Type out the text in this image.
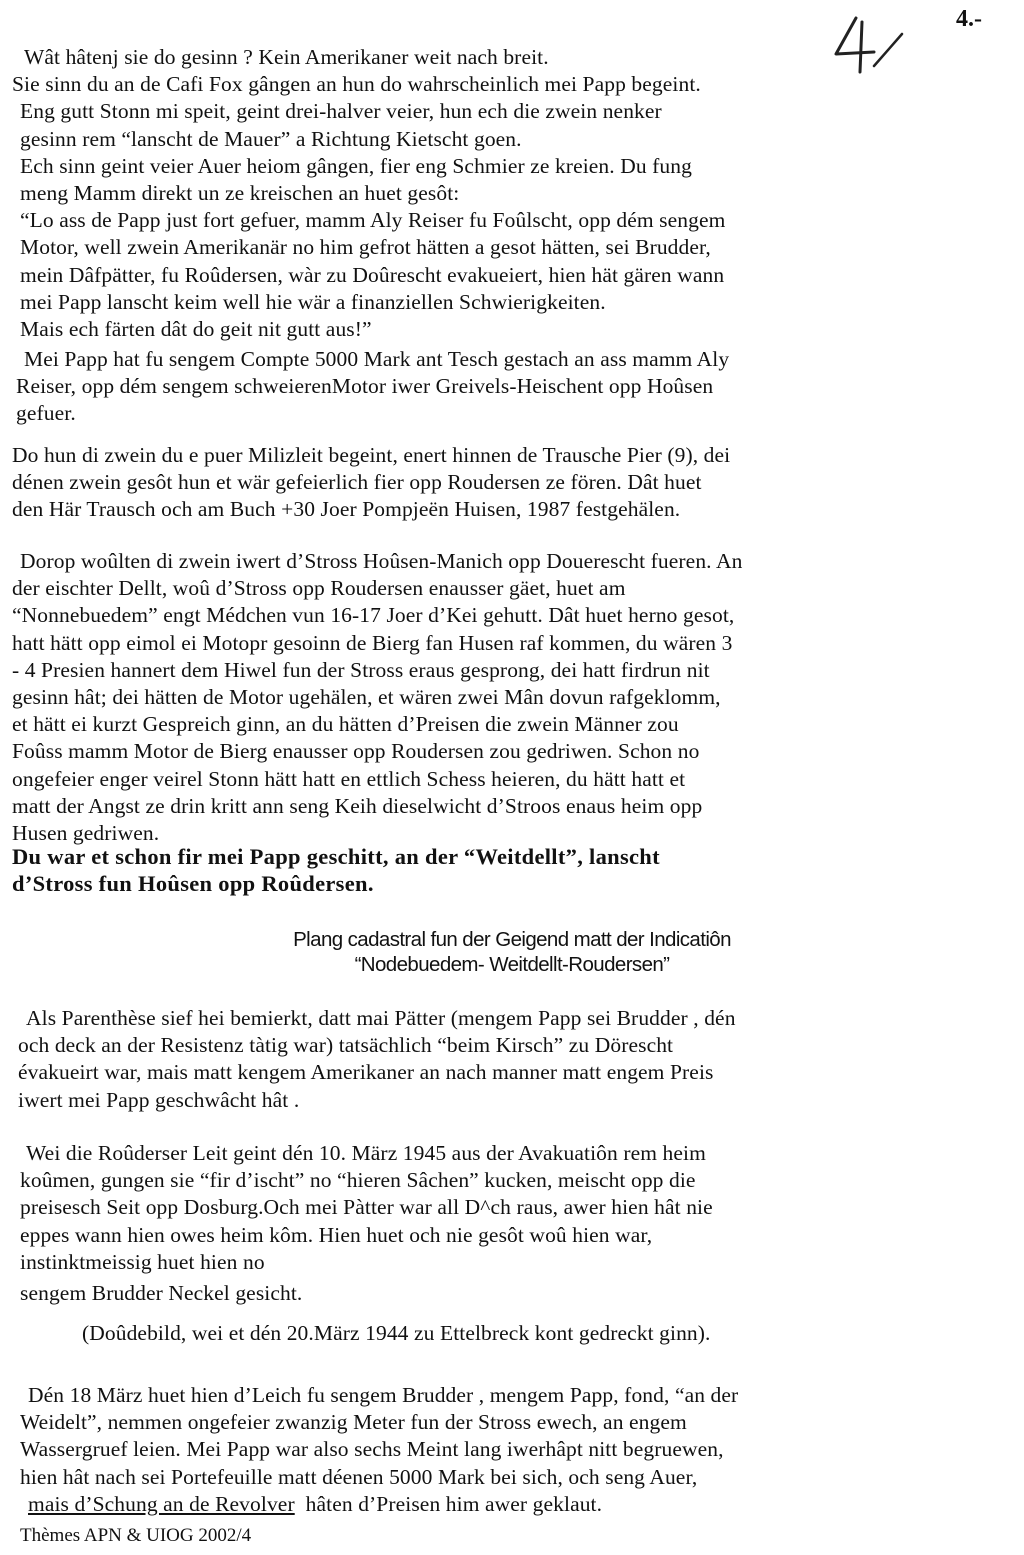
4.-

Wât hâtenj sie do gesinn ? Kein Amerikaner weit nach breit.

Sie sinn du an de Cafi Fox gângen an hun do wahrscheinlich mei Papp begeint.

Eng gutt Stonn mi speit, geint drei-halver veier, hun ech die zwein nenker

gesinn rem “lanscht de Mauer” a Richtung Kietscht goen.

Ech sinn geint veier Auer heiom gângen, fier eng Schmier ze kreien. Du fung

meng Mamm direkt un ze kreischen an huet gesôt:

“Lo ass de Papp just fort gefuer, mamm Aly Reiser fu Foûlscht, opp dém sengem

Motor, well zwein Amerikanär no him gefrot hätten a gesot hätten, sei Brudder,

mein Dâfpätter, fu Roûdersen, wàr zu Doûrescht evakueiert, hien hät gären wann

mei Papp lanscht keim well hie wär a finanziellen Schwierigkeiten.

Mais ech färten dât do geit nit gutt aus!”

Mei Papp hat fu sengem Compte 5000 Mark ant Tesch gestach an ass mamm Aly

Reiser, opp dém sengem schweierenMotor iwer Greivels-Heischent opp Hoûsen

gefuer.

Do hun di zwein du e puer Milizleit begeint, enert hinnen de Trausche Pier (9), dei

dénen zwein gesôt hun et wär gefeierlich fier opp Roudersen ze fören. Dât huet

den Här Trausch och am Buch +30 Joer Pompjeën Huisen, 1987 festgehälen.

Dorop woûlten di zwein iwert d’Stross Hoûsen-Manich opp Douerescht fueren. An

der eischter Dellt, woû d’Stross opp Roudersen enausser gäet, huet am

“Nonnebuedem” engt Médchen vun 16-17 Joer d’Kei gehutt. Dât huet herno gesot,

hatt hätt opp eimol ei Motopr gesoinn de Bierg fan Husen raf kommen, du wären 3

- 4 Presien hannert dem Hiwel fun der Stross eraus gesprong, dei hatt firdrun nit

gesinn hât; dei hätten de Motor ugehälen, et wären zwei Mân dovun rafgeklomm,

et hätt ei kurzt Gespreich ginn, an du hätten d’Preisen die zwein Männer zou

Foûss mamm Motor de Bierg enausser opp Roudersen zou gedriwen. Schon no

ongefeier enger veirel Stonn hätt hatt en ettlich Schess heieren, du hätt hatt et

matt der Angst ze drin kritt ann seng Keih dieselwicht d’Stroos enaus heim opp

Husen gedriwen.

Du war et schon fir mei Papp geschitt, an der “Weitdellt”, lanscht

d’Stross fun Hoûsen opp Roûdersen.

Plang cadastral fun der Geigend matt der Indicatiôn

“Nodebuedem- Weitdellt-Roudersen”

Als Parenthèse sief hei bemierkt, datt mai Pätter (mengem Papp sei Brudder , dén

och deck an der Resistenz tàtig war) tatsächlich “beim Kirsch” zu Dörescht

évakueirt war, mais matt kengem Amerikaner an nach manner matt engem Preis

iwert mei Papp geschwâcht hât .

Wei die Roûderser Leit geint dén 10. März 1945 aus der Avakuatiôn rem heim

koûmen, gungen sie “fir d’ischt” no “hieren Sâchen” kucken, meischt opp die

preisesch Seit opp Dosburg.Och mei Pàtter war all D^ch raus, awer hien hât nie

eppes wann hien owes heim kôm. Hien huet och nie gesôt woû hien war,

instinktmeissig huet hien no

sengem Brudder Neckel gesicht.

(Doûdebild, wei et dén 20.März 1944 zu Ettelbreck kont gedreckt ginn).

Dén 18 März huet hien d’Leich fu sengem Brudder , mengem Papp, fond, “an der

Weidelt”, nemmen ongefeier zwanzig Meter fun der Stross ewech, an engem

Wassergruef leien. Mei Papp war also sechs Meint lang iwerhâpt nitt begruewen,

hien hât nach sei Portefeuille matt déenen 5000 Mark bei sich, och seng Auer,

mais d’Schung an de Revolver  hâten d’Preisen him awer geklaut.

Thèmes APN & UIOG 2002/4
